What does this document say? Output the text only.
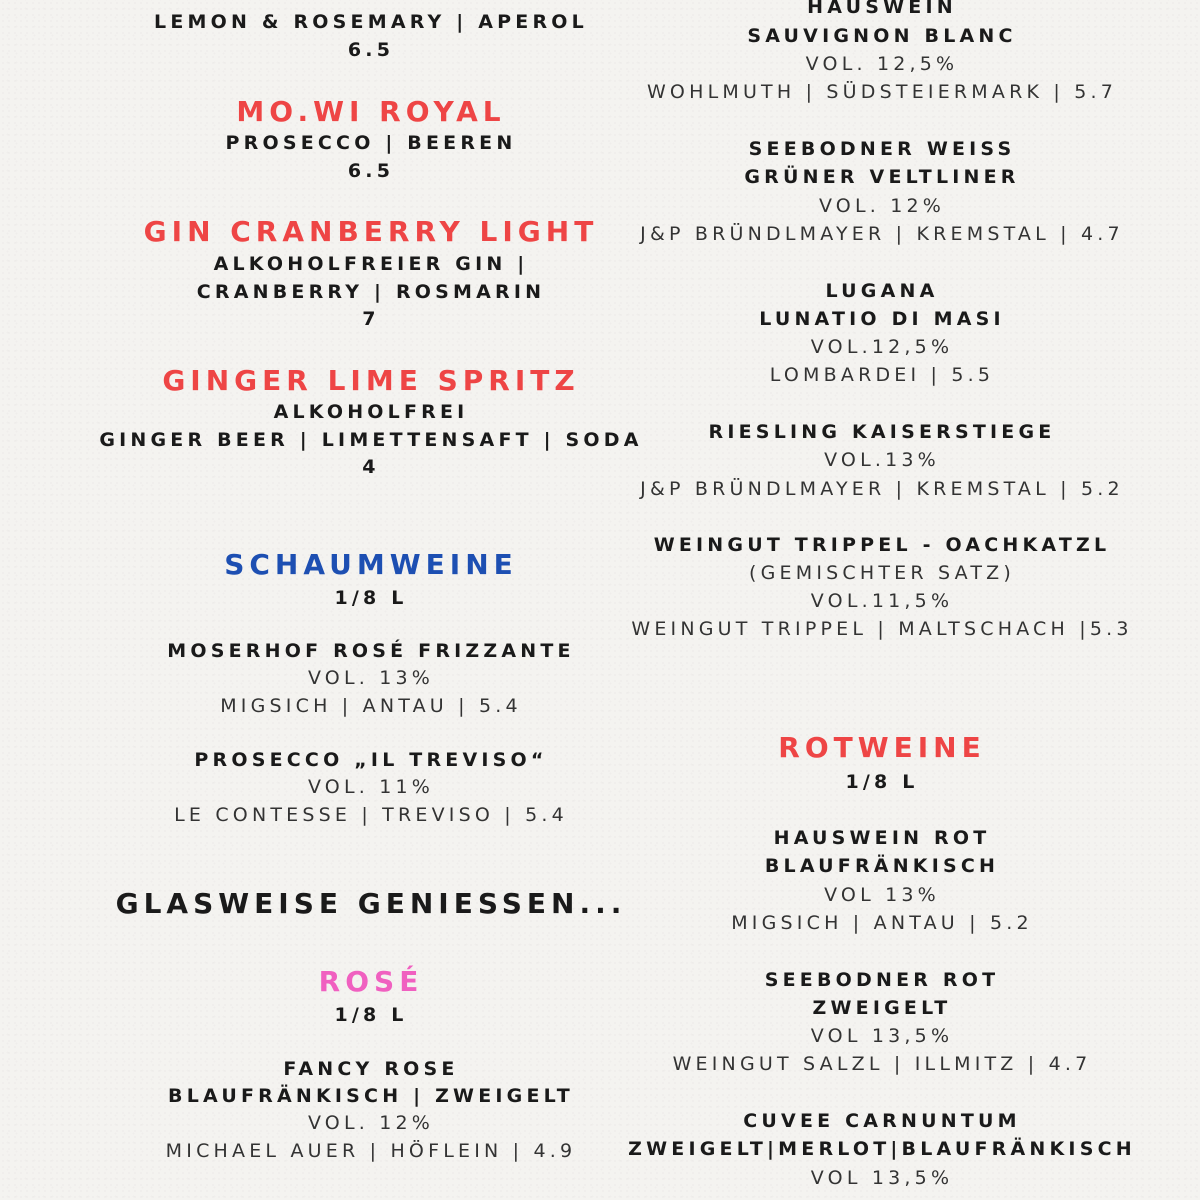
LEMON & ROSEMARY | APEROL
6.5
MO.WI ROYAL
PROSECCO | BEEREN
6.5
GIN CRANBERRY LIGHT
ALKOHOLFREIER GIN |
CRANBERRY | ROSMARIN
7
GINGER LIME SPRITZ
ALKOHOLFREI
GINGER BEER | LIMETTENSAFT | SODA
4
SCHAUMWEINE
1/8 L
MOSERHOF ROSÉ FRIZZANTE
VOL. 13%
MIGSICH | ANTAU | 5.4
PROSECCO „IL TREVISO“
VOL. 11%
LE CONTESSE | TREVISO | 5.4
GLASWEISE GENIESSEN...
ROSÉ
1/8 L
FANCY ROSE
BLAUFRÄNKISCH | ZWEIGELT
VOL. 12%
MICHAEL AUER | HÖFLEIN | 4.9
HAUSWEIN
SAUVIGNON BLANC
VOL. 12,5%
WOHLMUTH | SÜDSTEIERMARK | 5.7
SEEBODNER WEISS
GRÜNER VELTLINER
VOL. 12%
J&P BRÜNDLMAYER | KREMSTAL | 4.7
LUGANA
LUNATIO DI MASI
VOL.12,5%
LOMBARDEI | 5.5
RIESLING KAISERSTIEGE
VOL.13%
J&P BRÜNDLMAYER | KREMSTAL | 5.2
WEINGUT TRIPPEL - OACHKATZL
(GEMISCHTER SATZ)
VOL.11,5%
WEINGUT TRIPPEL | MALTSCHACH |5.3
ROTWEINE
1/8 L
HAUSWEIN ROT
BLAUFRÄNKISCH
VOL 13%
MIGSICH | ANTAU | 5.2
SEEBODNER ROT
ZWEIGELT
VOL 13,5%
WEINGUT SALZL | ILLMITZ | 4.7
CUVEE CARNUNTUM
ZWEIGELT|MERLOT|BLAUFRÄNKISCH
VOL 13,5%
